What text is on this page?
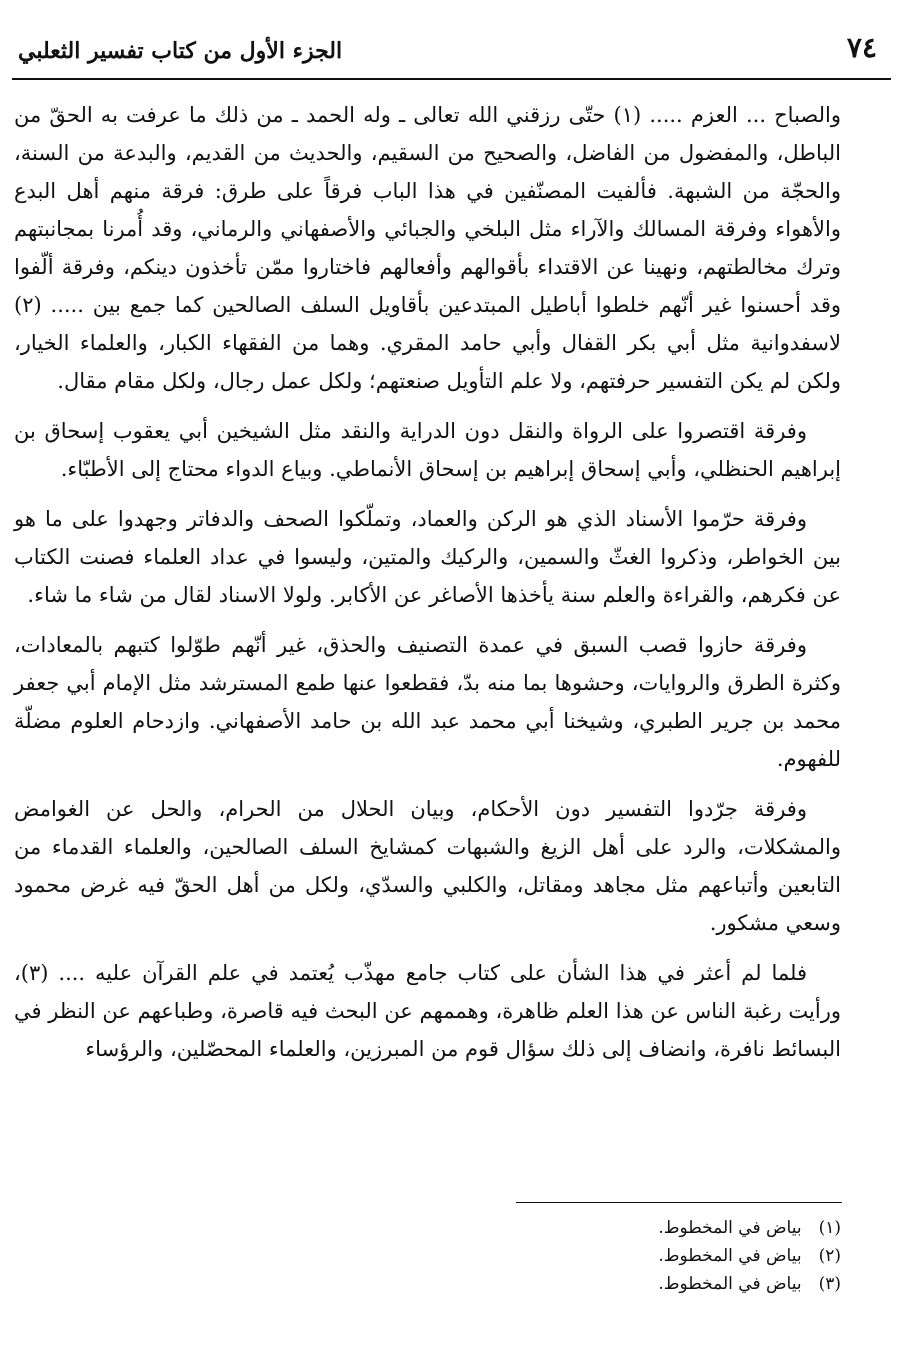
٧٤
الجزء الأول من كتاب تفسير الثعلبي

والصباح ... العزم ..... (١) حتّى رزقني الله تعالى ـ وله الحمد ـ من ذلك ما عرفت به الحقّ من الباطل، والمفضول من الفاضل، والصحيح من السقيم، والحديث من القديم، والبدعة من السنة، والحجّة من الشبهة. فألفيت المصنّفين في هذا الباب فرقاً على طرق: فرقة منهم أهل البدع والأهواء وفرقة المسالك والآراء مثل البلخي والجبائي والأصفهاني والرماني، وقد أُمرنا بمجانبتهم وترك مخالطتهم، ونهينا عن الاقتداء بأقوالهم وأفعالهم فاختاروا ممّن تأخذون دينكم، وفرقة ألّفوا وقد أحسنوا غير أنّهم خلطوا أباطيل المبتدعين بأقاويل السلف الصالحين كما جمع بين ..... (٢) لاسفدوانية مثل أبي بكر القفال وأبي حامد المقري. وهما من الفقهاء الكبار، والعلماء الخيار، ولكن لم يكن التفسير حرفتهم، ولا علم التأويل صنعتهم؛ ولكل عمل رجال، ولكل مقام مقال.

وفرقة اقتصروا على الرواة والنقل دون الدراية والنقد مثل الشيخين أبي يعقوب إسحاق بن إبراهيم الحنظلي، وأبي إسحاق إبراهيم بن إسحاق الأنماطي. وبياع الدواء محتاج إلى الأطبّاء.

وفرقة حرّموا الأسناد الذي هو الركن والعماد، وتملّكوا الصحف والدفاتر وجهدوا على ما هو بين الخواطر، وذكروا الغثّ والسمين، والركيك والمتين، وليسوا في عداد العلماء فصنت الكتاب عن فكرهم، والقراءة والعلم سنة يأخذها الأصاغر عن الأكابر. ولولا الاسناد لقال من شاء ما شاء.

وفرقة حازوا قصب السبق في عمدة التصنيف والحذق، غير أنّهم طوّلوا كتبهم بالمعادات، وكثرة الطرق والروايات، وحشوها بما منه بدّ، فقطعوا عنها طمع المسترشد مثل الإمام أبي جعفر محمد بن جرير الطبري، وشيخنا أبي محمد عبد الله بن حامد الأصفهاني. وازدحام العلوم مضلّة للفهوم.

وفرقة جرّدوا التفسير دون الأحكام، وبيان الحلال من الحرام، والحل عن الغوامض والمشكلات، والرد على أهل الزيغ والشبهات كمشايخ السلف الصالحين، والعلماء القدماء من التابعين وأتباعهم مثل مجاهد ومقاتل، والكلبي والسدّي، ولكل من أهل الحقّ فيه غرض محمود وسعي مشكور.

فلما لم أعثر في هذا الشأن على كتاب جامع مهذّب يُعتمد في علم القرآن عليه .... (٣)، ورأيت رغبة الناس عن هذا العلم ظاهرة، وهممهم عن البحث فيه قاصرة، وطباعهم عن النظر في البسائط نافرة، وانضاف إلى ذلك سؤال قوم من المبرزين، والعلماء المحصّلين، والرؤساء

(١) بياض في المخطوط.
(٢) بياض في المخطوط.
(٣) بياض في المخطوط.
